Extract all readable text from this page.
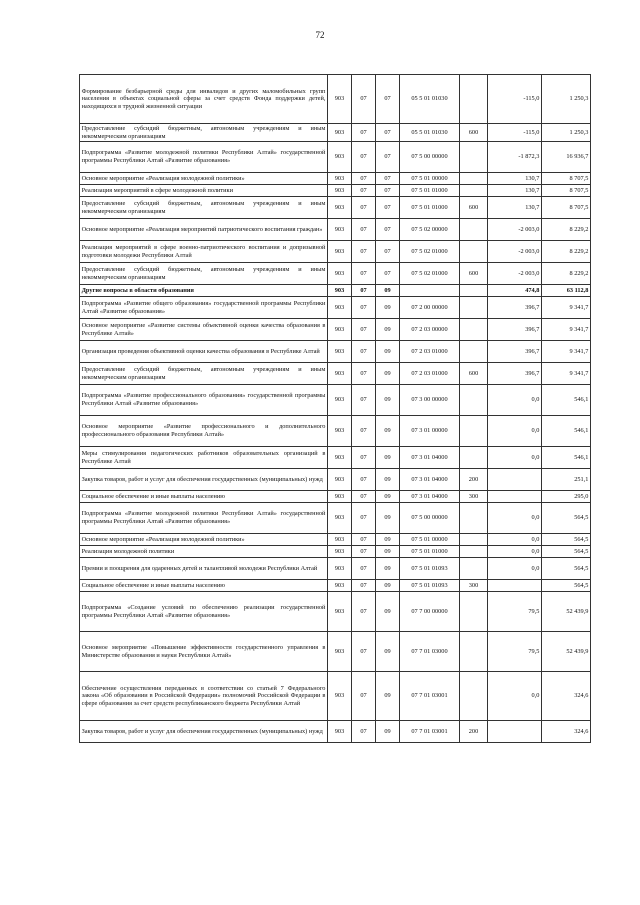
72
Формирование безбарьерной среды для инвалидов и других маломобильных групп населения в объектах социальной сферы за счет средств Фонда поддержки детей, находящихся в трудной жизненной ситуации	903	07	07	05 5 01 01030		-115,0	1 250,3
Предоставление субсидий бюджетным, автономным учреждениям и иным некоммерческим организациям	903	07	07	05 5 01 01030	600	-115,0	1 250,3
Подпрограмма «Развитие молодежной политики Республики Алтай» государственной программы Республики Алтай «Развитие образования»	903	07	07	07 5 00 00000		-1 872,3	16 936,7
Основное мероприятие «Реализация молодежной политики»	903	07	07	07 5 01 00000		130,7	8 707,5
Реализация мероприятий в сфере молодежной политики	903	07	07	07 5 01 01000		130,7	8 707,5
Предоставление субсидий бюджетным, автономным учреждениям и иным некоммерческим организациям	903	07	07	07 5 01 01000	600	130,7	8 707,5
Основное мероприятие «Реализация мероприятий патриотического воспитания граждан»	903	07	07	07 5 02 00000		-2 003,0	8 229,2
Реализация мероприятий в сфере военно-патриотического воспитания и допризывной подготовки молодежи Республики Алтай	903	07	07	07 5 02 01000		-2 003,0	8 229,2
Предоставление субсидий бюджетным, автономным учреждениям и иным некоммерческим организациям	903	07	07	07 5 02 01000	600	-2 003,0	8 229,2
Другие вопросы в области образования	903	07	09			474,8	63 112,8
Подпрограмма «Развитие общего образования» государственной программы Республики Алтай «Развитие образования»	903	07	09	07 2 00 00000		396,7	9 341,7
Основное мероприятие «Развитие системы объективной оценки качества образования в Республике Алтай»	903	07	09	07 2 03 00000		396,7	9 341,7
Организация проведения объективной оценки качества образования в Республике Алтай	903	07	09	07 2 03 01000		396,7	9 341,7
Предоставление субсидий бюджетным, автономным учреждениям и иным некоммерческим организациям	903	07	09	07 2 03 01000	600	396,7	9 341,7
Подпрограмма «Развитие профессионального образования» государственной программы Республики Алтай «Развитие образования»	903	07	09	07 3 00 00000		0,0	546,1
Основное мероприятие «Развитие профессионального и дополнительного профессионального образования Республики Алтай»	903	07	09	07 3 01 00000		0,0	546,1
Меры стимулирования педагогических работников образовательных организаций в Республике Алтай	903	07	09	07 3 01 04000		0,0	546,1
Закупка товаров, работ и услуг для обеспечения государственных (муниципальных) нужд	903	07	09	07 3 01 04000	200		251,1
Социальное обеспечение и иные выплаты населению	903	07	09	07 3 01 04000	300		295,0
Подпрограмма «Развитие молодежной политики Республики Алтай» государственной программы Республики Алтай «Развитие образования»	903	07	09	07 5 00 00000		0,0	564,5
Основное мероприятие «Реализация молодежной политики»	903	07	09	07 5 01 00000		0,0	564,5
Реализация молодежной политики	903	07	09	07 5 01 01000		0,0	564,5
Премии и поощрения для одаренных детей и талантливой молодежи Республики Алтай	903	07	09	07 5 01 01093		0,0	564,5
Социальное обеспечение и иные выплаты населению	903	07	09	07 5 01 01093	300		564,5
Подпрограмма «Создание условий по обеспечению реализации государственной программы Республики Алтай «Развитие образования»	903	07	09	07 7 00 00000		79,5	52 439,9
Основное мероприятие «Повышение эффективности государственного управления в Министерстве образования и науки Республики Алтай»	903	07	09	07 7 01 03000		79,5	52 439,9
Обеспечение осуществления переданных в соответствии со статьей 7 Федерального закона «Об образовании в Российской Федерации» полномочий Российской Федерации в сфере образования за счет средств республиканского бюджета Республики Алтай	903	07	09	07 7 01 03001		0,0	324,6
Закупка товаров, работ и услуг для обеспечения государственных (муниципальных) нужд	903	07	09	07 7 01 03001	200		324,6
